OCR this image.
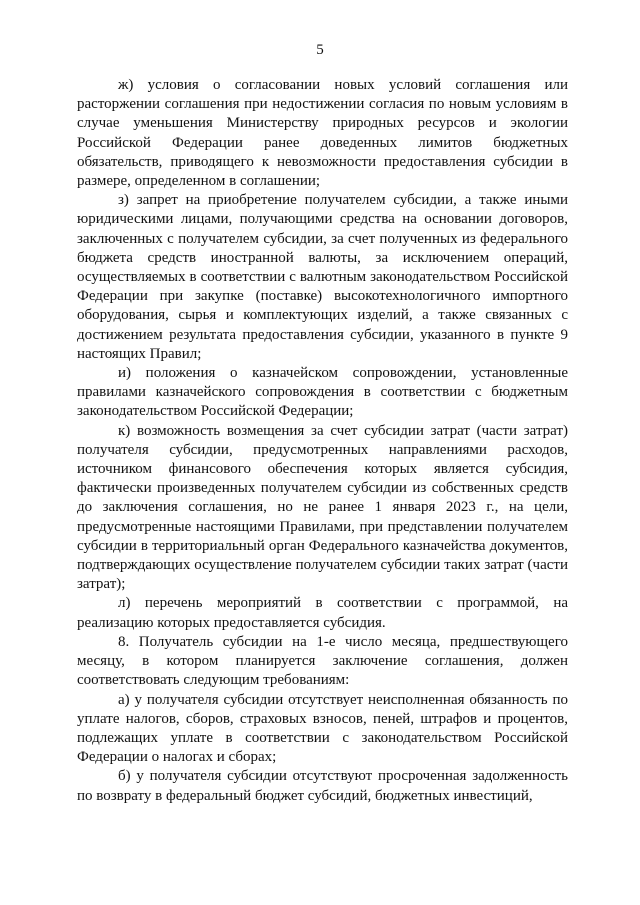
5

ж) условия о согласовании новых условий соглашения или расторжении соглашения при недостижении согласия по новым условиям в случае уменьшения Министерству природных ресурсов и экологии Российской Федерации ранее доведенных лимитов бюджетных обязательств, приводящего к невозможности предоставления субсидии в размере, определенном в соглашении;

з) запрет на приобретение получателем субсидии, а также иными юридическими лицами, получающими средства на основании договоров, заключенных с получателем субсидии, за счет полученных из федерального бюджета средств иностранной валюты, за исключением операций, осуществляемых в соответствии с валютным законодательством Российской Федерации при закупке (поставке) высокотехнологичного импортного оборудования, сырья и комплектующих изделий, а также связанных с достижением результата предоставления субсидии, указанного в пункте 9 настоящих Правил;

и) положения о казначейском сопровождении, установленные правилами казначейского сопровождения в соответствии с бюджетным законодательством Российской Федерации;

к) возможность возмещения за счет субсидии затрат (части затрат) получателя субсидии, предусмотренных направлениями расходов, источником финансового обеспечения которых является субсидия, фактически произведенных получателем субсидии из собственных средств до заключения соглашения, но не ранее 1 января 2023 г., на цели, предусмотренные настоящими Правилами, при представлении получателем субсидии в территориальный орган Федерального казначейства документов, подтверждающих осуществление получателем субсидии таких затрат (части затрат);

л) перечень мероприятий в соответствии с программой, на реализацию которых предоставляется субсидия.

8. Получатель субсидии на 1-е число месяца, предшествующего месяцу, в котором планируется заключение соглашения, должен соответствовать следующим требованиям:

а) у получателя субсидии отсутствует неисполненная обязанность по уплате налогов, сборов, страховых взносов, пеней, штрафов и процентов, подлежащих уплате в соответствии с законодательством Российской Федерации о налогах и сборах;

б) у получателя субсидии отсутствуют просроченная задолженность по возврату в федеральный бюджет субсидий, бюджетных инвестиций,
